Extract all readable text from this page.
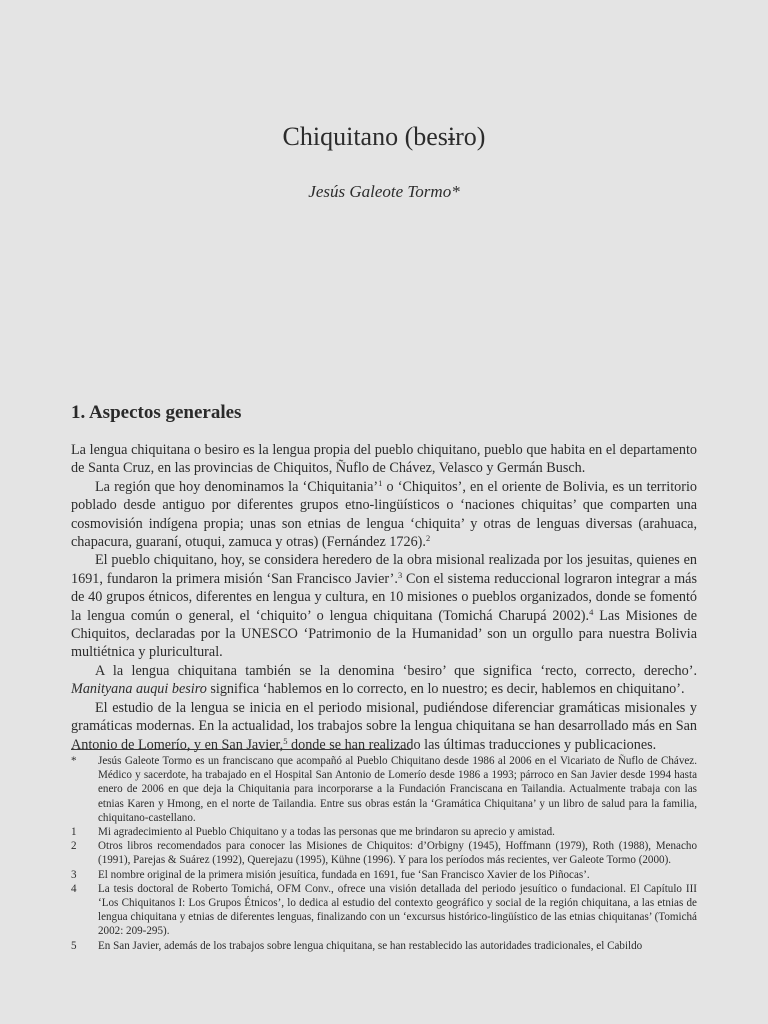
Chiquitano (besɨro)
Jesús Galeote Tormo*
1. Aspectos generales

La lengua chiquitana o besiro es la lengua propia del pueblo chiquitano, pueblo que habita en el departamento de Santa Cruz, en las provincias de Chiquitos, Ñuflo de Chávez, Velasco y Germán Busch.

La región que hoy denominamos la ‘Chiquitania’$^1$ o ‘Chiquitos’, en el oriente de Bolivia, es un territorio poblado desde antiguo por diferentes grupos etno-lingüísticos o ‘naciones chiquitas’ que comparten una cosmovisión indígena propia; unas son etnias de lengua ‘chiquita’ y otras de lenguas diversas (arahuaca, chapacura, guaraní, otuqui, zamuca y otras) (Fernández 1726).$^2$

El pueblo chiquitano, hoy, se considera heredero de la obra misional realizada por los jesuitas, quienes en 1691, fundaron la primera misión ‘San Francisco Javier’.$^3$ Con el sistema reduccional lograron integrar a más de 40 grupos étnicos, diferentes en lengua y cultura, en 10 misiones o pueblos organizados, donde se fomentó la lengua común o general, el ‘chiquito’ o lengua chiquitana (Tomichá Charupá 2002).$^4$ Las Misiones de Chiquitos, declaradas por la UNESCO ‘Patrimonio de la Humanidad’ son un orgullo para nuestra Bolivia multiétnica y pluricultural.

A la lengua chiquitana también se la denomina ‘besiro’ que significa ‘recto, correcto, derecho’. Manityana auqui besiro significa ‘hablemos en lo correcto, en lo nuestro; es decir, hablemos en chiquitano’.

El estudio de la lengua se inicia en el periodo misional, pudiéndose diferenciar gramáticas misionales y gramáticas modernas. En la actualidad, los trabajos sobre la lengua chiquitana se han desarrollado más en San Antonio de Lomerío, y en San Javier,$^5$ donde se han realizado las últimas traducciones y publicaciones.

*	Jesús Galeote Tormo es un franciscano que acompañó al Pueblo Chiquitano desde 1986 al 2006 en el Vicariato de Ñuflo de Chávez. Médico y sacerdote, ha trabajado en el Hospital San Antonio de Lomerío desde 1986 a 1993; párroco en San Javier desde 1994 hasta enero de 2006 en que deja la Chiquitania para incorporarse a la Fundación Franciscana en Tailandia. Actualmente trabaja con las etnias Karen y Hmong, en el norte de Tailandia. Entre sus obras están la ‘Gramática Chiquitana’ y un libro de salud para la familia, chiquitano-castellano.
1	Mi agradecimiento al Pueblo Chiquitano y a todas las personas que me brindaron su aprecio y amistad.
2	Otros libros recomendados para conocer las Misiones de Chiquitos: d’Orbigny (1945), Hoffmann (1979), Roth (1988), Menacho (1991), Parejas & Suárez (1992), Querejazu (1995), Kühne (1996). Y para los períodos más recientes, ver Galeote Tormo (2000).
3	El nombre original de la primera misión jesuítica, fundada en 1691, fue ‘San Francisco Xavier de los Piñocas’.
4	La tesis doctoral de Roberto Tomichá, OFM Conv., ofrece una visión detallada del periodo jesuítico o fundacional. El Capítulo III ‘Los Chiquitanos I: Los Grupos Étnicos’, lo dedica al estudio del contexto geográfico y social de la región chiquitana, a las etnias de lengua chiquitana y etnias de diferentes lenguas, finalizando con un ‘excursus histórico-lingüístico de las etnias chiquitanas’ (Tomichá 2002: 209-295).
5	En San Javier, además de los trabajos sobre lengua chiquitana, se han restablecido las autoridades tradicionales, el Cabildo
